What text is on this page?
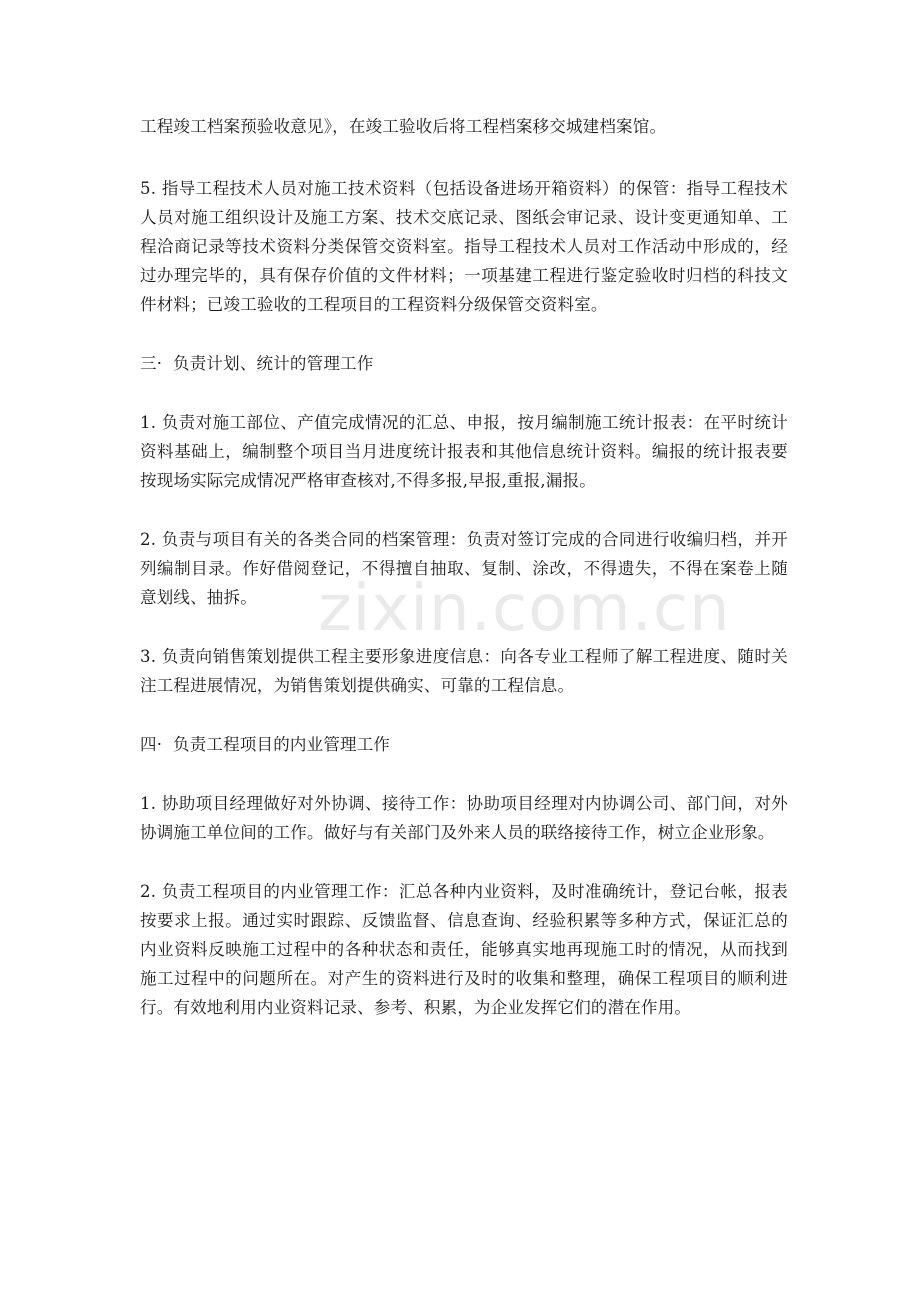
工程竣工档案预验收意见》，在竣工验收后将工程档案移交城建档案馆。

5. 指导工程技术人员对施工技术资料（包括设备进场开箱资料）的保管：指导工程技术人员对施工组织设计及施工方案、技术交底记录、图纸会审记录、设计变更通知单、工程洽商记录等技术资料分类保管交资料室。指导工程技术人员对工作活动中形成的，经过办理完毕的，具有保存价值的文件材料；一项基建工程进行鉴定验收时归档的科技文件材料；已竣工验收的工程项目的工程资料分级保管交资料室。

三·  负责计划、统计的管理工作

1. 负责对施工部位、产值完成情况的汇总、申报，按月编制施工统计报表：在平时统计资料基础上，编制整个项目当月进度统计报表和其他信息统计资料。编报的统计报表要按现场实际完成情况严格审查核对,不得多报,早报,重报,漏报。

2. 负责与项目有关的各类合同的档案管理：负责对签订完成的合同进行收编归档，并开列编制目录。作好借阅登记，不得擅自抽取、复制、涂改，不得遗失，不得在案卷上随意划线、抽拆。

3. 负责向销售策划提供工程主要形象进度信息：向各专业工程师了解工程进度、随时关注工程进展情况，为销售策划提供确实、可靠的工程信息。

四·  负责工程项目的内业管理工作

1. 协助项目经理做好对外协调、接待工作：协助项目经理对内协调公司、部门间，对外协调施工单位间的工作。做好与有关部门及外来人员的联络接待工作，树立企业形象。

2. 负责工程项目的内业管理工作：汇总各种内业资料，及时准确统计，登记台帐，报表按要求上报。通过实时跟踪、反馈监督、信息查询、经验积累等多种方式，保证汇总的内业资料反映施工过程中的各种状态和责任，能够真实地再现施工时的情况，从而找到施工过程中的问题所在。对产生的资料进行及时的收集和整理，确保工程项目的顺利进行。有效地利用内业资料记录、参考、积累，为企业发挥它们的潜在作用。

zixin.com.cn
